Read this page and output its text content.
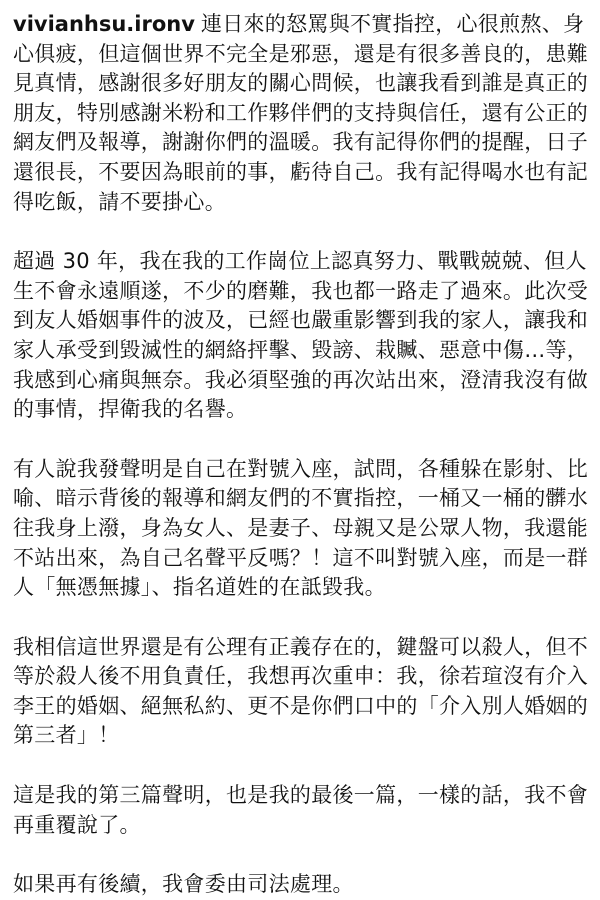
vivianhsu.ironv 連日來的怒罵與不實指控，心很煎熬、身心俱疲，但這個世界不完全是邪惡，還是有很多善良的，患難見真情，感謝很多好朋友的關心問候，也讓我看到誰是真正的朋友，特別感謝米粉和工作夥伴們的支持與信任，還有公正的網友們及報導，謝謝你們的溫暖。我有記得你們的提醒，日子還很長，不要因為眼前的事，虧待自己。我有記得喝水也有記得吃飯，請不要掛心。

超過 30 年，我在我的工作崗位上認真努力、戰戰兢兢、但人生不會永遠順遂，不少的磨難，我也都一路走了過來。此次受到友人婚姻事件的波及，已經也嚴重影響到我的家人，讓我和家人承受到毀滅性的網絡抨擊、毀謗、栽贓、惡意中傷…等，我感到心痛與無奈。我必須堅強的再次站出來，澄清我沒有做的事情，捍衛我的名譽。

有人說我發聲明是自己在對號入座，試問，各種躲在影射、比喻、暗示背後的報導和網友們的不實指控，一桶又一桶的髒水往我身上潑，身為女人、是妻子、母親又是公眾人物，我還能不站出來，為自己名聲平反嗎？！這不叫對號入座，而是一群人「無憑無據」、指名道姓的在詆毀我。

我相信這世界還是有公理有正義存在的，鍵盤可以殺人，但不等於殺人後不用負責任，我想再次重申：我，徐若瑄沒有介入李王的婚姻、絕無私約、更不是你們口中的「介入別人婚姻的第三者」！

這是我的第三篇聲明，也是我的最後一篇，一樣的話，我不會再重覆說了。

如果再有後續，我會委由司法處理。
